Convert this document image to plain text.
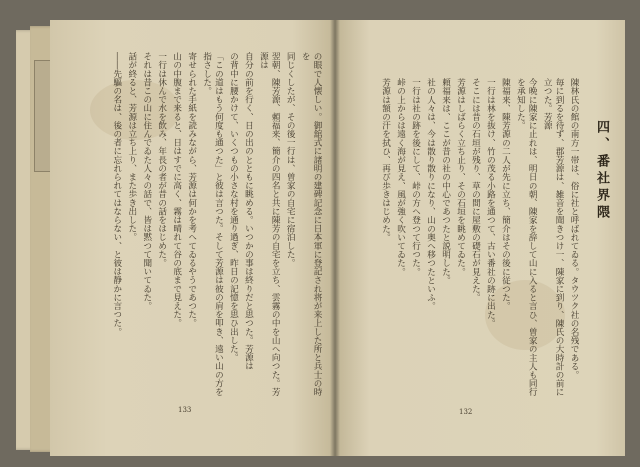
の眼で人懐しい。御舘式に諸明の建碑記念に日本軍に登記され将が来上した所と兵士の時を

同じくしたが、その後一行は、曽家の自宅に宿泊した。

翌朝、陳芳源、頼福来、簡介の四名と共に陳芳の自宅を立ち、雲霧の中を山へ向つた。芳源は

自分の前を行く、日の出のとともに眺める。いつかの事は終りだと思つた。芳源は

の背中に腰かけて、いくつもの小さな村を通り過ぎ、昨日の記憶を思ひ出した。

「この道はもう何度も通つた」と彼は言つた。そして芳源は彼の肩を叩き、遠い山の方を指さした。

寄せられた手紙を読みながら、芳源は何かを考へてゐるやうであつた。

山の中腹まで来ると、日はすでに高く、霧は晴れて谷の底まで見えた。

一行は休んで水を飲み、年長の者が昔の話をはじめた。

それは昔この山に住んでゐた人々の話で、皆は黙つて聞いてゐた。

話が終ると、芳源は立ち上り、また歩き出した。

――先驅の名は、後の者に忘れられてはならない、と彼は静かに言つた。

133

陳林氏の館の南方一帯は、俗に社と呼ばれてゐる。タウツク社の名残である。

毎に到るを待ず、郡芳源は、雑音を聞きつけ一、陳家に到り、陳氏の大時計の前に立つた。芳源

今晩に陳家に止れは、明日の朝、陳家を辞して山に入ると言ひ、曽家の主人も同行を承知した。

陳福来、陳芳源の二人が先に立ち、簡介はその後に従つた。

一行は林を抜け、竹の茂る小路を通つて、古い番社の跡に出た。

そこには昔の石垣が残り、草の間に屋敷の礎石が見えた。

芳源はしばらく立ち止り、その石垣を眺めてゐた。

頼福来は、ここが昔の社の中心であつたと説明した。

社の人々は、今は散り散りになり、山の奥へ移つたといふ。

一行は社の跡を後にして、峠の方へ登つて行つた。

峠の上からは遠く海が見え、風が強く吹いてゐた。

芳源は額の汗を拭ひ、再び歩きはじめた。	四、番社界隈
132
